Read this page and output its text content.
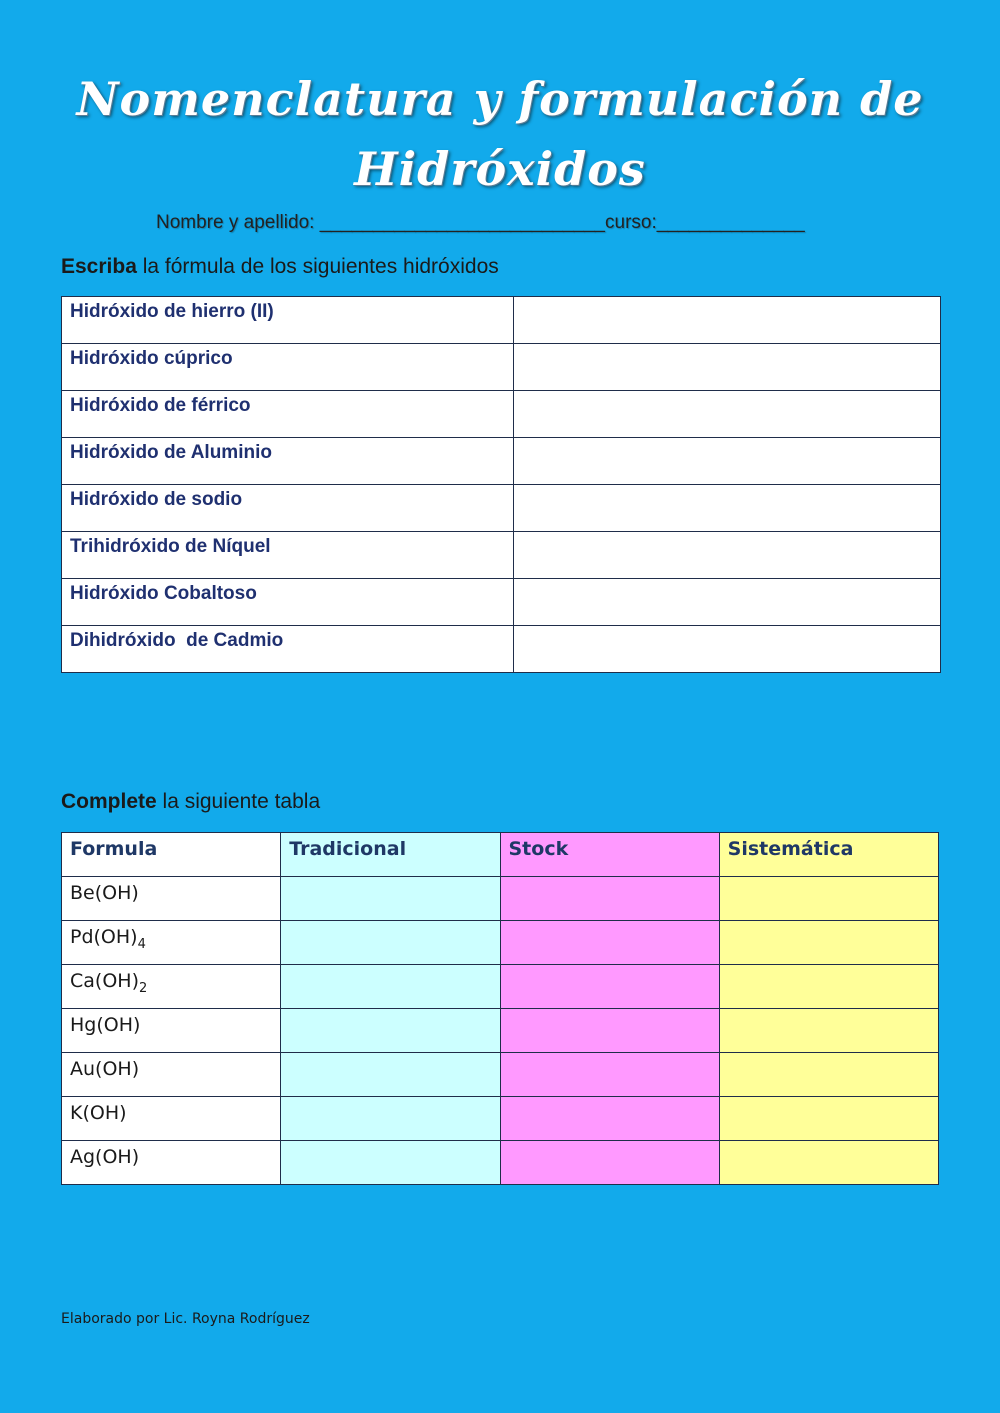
Nomenclatura y formulación de
Hidróxidos
Nombre y apellido: ___________________________curso:______________
Escriba la fórmula de los siguientes hidróxidos
Hidróxido de hierro (II)	
Hidróxido cúprico	
Hidróxido de férrico	
Hidróxido de Aluminio	
Hidróxido de sodio	
Trihidróxido de Níquel	
Hidróxido Cobaltoso	
Dihidróxido  de Cadmio	
Complete la siguiente tabla
Formula	Tradicional	Stock	Sistemática
Be(OH)			
$Pd(OH)_4$			
$Ca(OH)_2$			
Hg(OH)			
Au(OH)			
K(OH)			
Ag(OH)			
Elaborado por Lic. Royna Rodríguez
